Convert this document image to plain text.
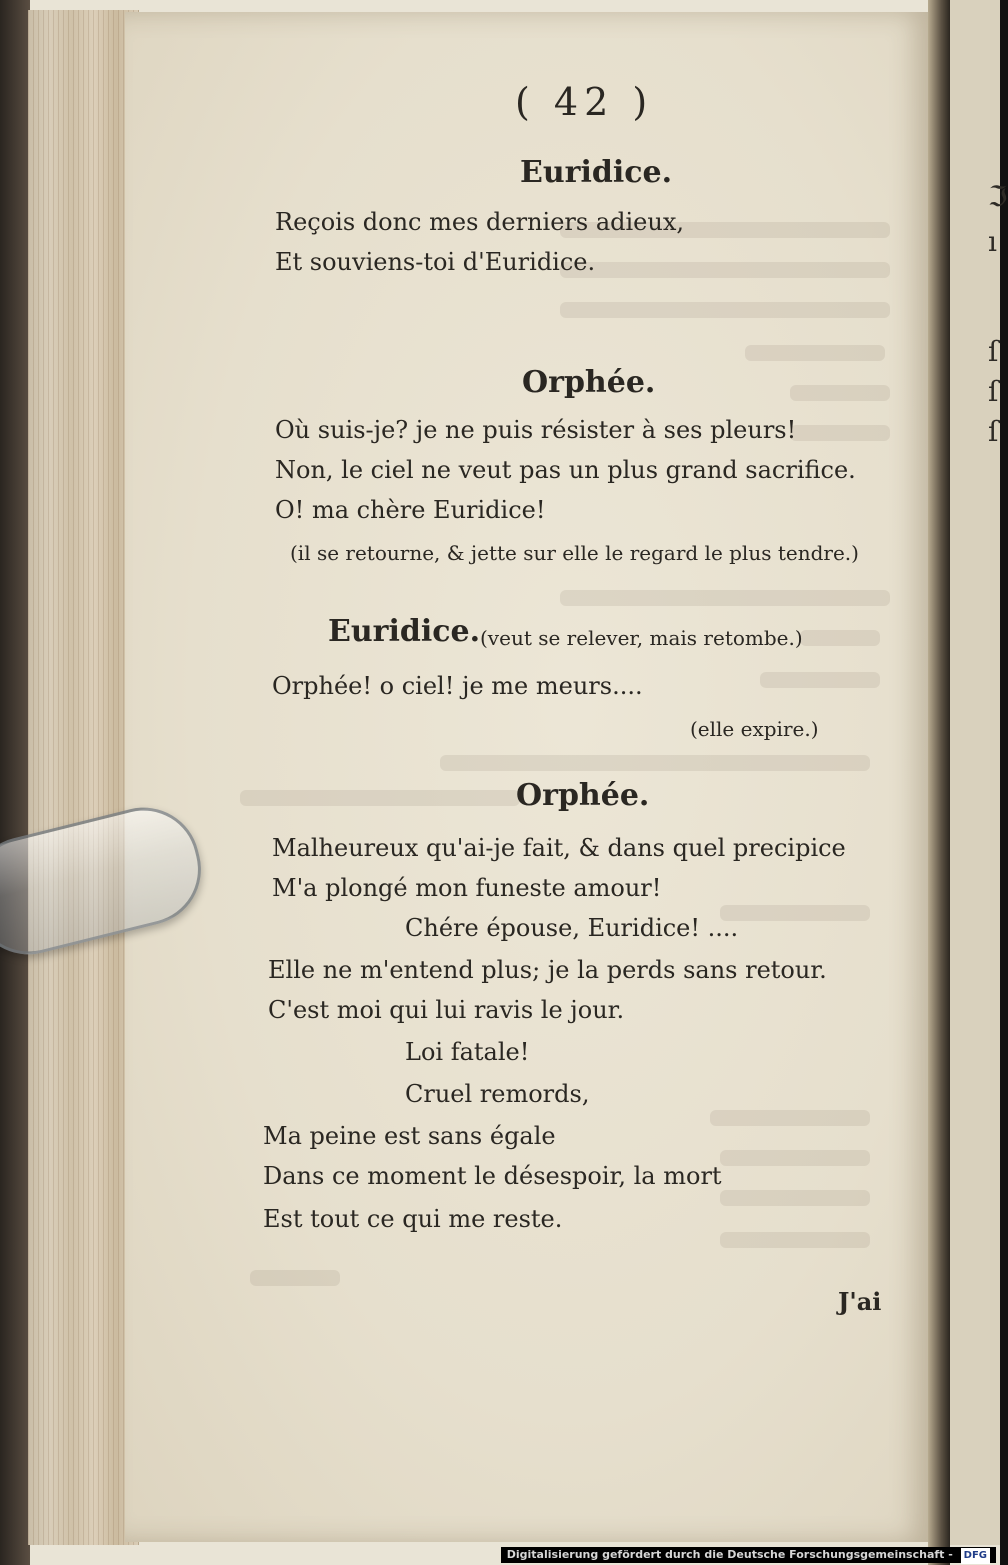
ℑ
ı
ſ
ſ
ſ
( 42 )
Euridice.
Reçois donc mes derniers adieux,
Et souviens-toi d'Euridice.
Orphée.
Où suis-je? je ne puis résister à ses pleurs!
Non, le ciel ne veut pas un plus grand sacrifice.
O! ma chère Euridice!
(il se retourne, & jette sur elle le regard le plus tendre.)
Euridice. (veut se relever, mais retombe.)
Orphée! o ciel! je me meurs....
(elle expire.)
Orphée.
Malheureux qu'ai-je fait, & dans quel precipice
M'a plongé mon funeste amour!
Chére épouse, Euridice! ....
Elle ne m'entend plus; je la perds sans retour.
C'est moi qui lui ravis le jour.
Loi fatale!
Cruel remords,
Ma peine est sans égale
Dans ce moment le désespoir, la mort
Est tout ce qui me reste.
J'ai
Digitalisierung gefördert durch die Deutsche Forschungsgemeinschaft - DFG
